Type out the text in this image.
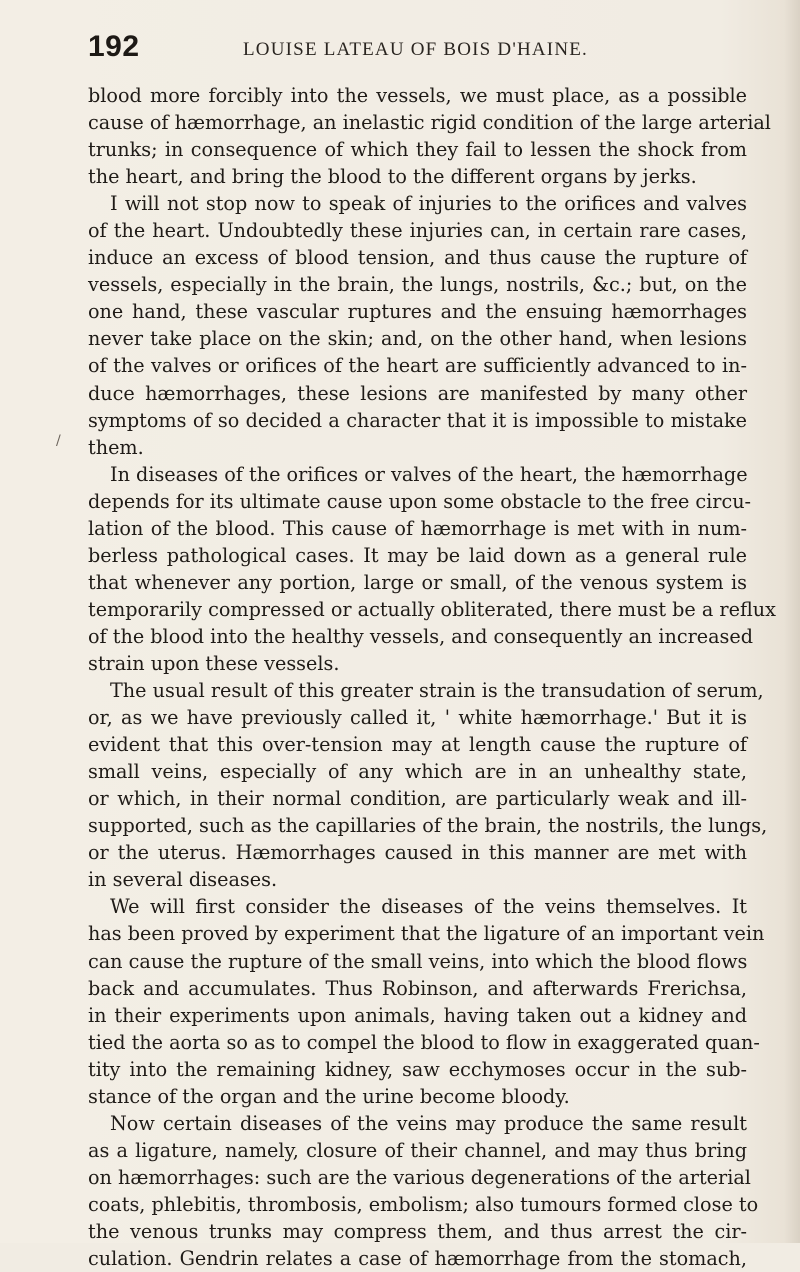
192	LOUISE LATEAU OF BOIS D'HAINE.
blood more forcibly into the vessels, we must place, as a possible
cause of hæmorrhage, an inelastic rigid condition of the large arterial
trunks; in consequence of which they fail to lessen the shock from
the heart, and bring the blood to the different organs by jerks.
I will not stop now to speak of injuries to the orifices and valves
of the heart. Undoubtedly these injuries can, in certain rare cases,
induce an excess of blood tension, and thus cause the rupture of
vessels, especially in the brain, the lungs, nostrils, &c.; but, on the
one hand, these vascular ruptures and the ensuing hæmorrhages
never take place on the skin; and, on the other hand, when lesions
of the valves or orifices of the heart are sufficiently advanced to in-
duce hæmorrhages, these lesions are manifested by many other
symptoms of so decided a character that it is impossible to mistake
them.
In diseases of the orifices or valves of the heart, the hæmorrhage
depends for its ultimate cause upon some obstacle to the free circu-
lation of the blood. This cause of hæmorrhage is met with in num-
berless pathological cases. It may be laid down as a general rule
that whenever any portion, large or small, of the venous system is
temporarily compressed or actually obliterated, there must be a reflux
of the blood into the healthy vessels, and consequently an increased
strain upon these vessels.
The usual result of this greater strain is the transudation of serum,
or, as we have previously called it, ' white hæmorrhage.' But it is
evident that this over-tension may at length cause the rupture of
small veins, especially of any which are in an unhealthy state,
or which, in their normal condition, are particularly weak and ill-
supported, such as the capillaries of the brain, the nostrils, the lungs,
or the uterus. Hæmorrhages caused in this manner are met with
in several diseases.
We will first consider the diseases of the veins themselves. It
has been proved by experiment that the ligature of an important vein
can cause the rupture of the small veins, into which the blood flows
back and accumulates. Thus Robinson, and afterwards Frerichsa,
in their experiments upon animals, having taken out a kidney and
tied the aorta so as to compel the blood to flow in exaggerated quan-
tity into the remaining kidney, saw ecchymoses occur in the sub-
stance of the organ and the urine become bloody.
Now certain diseases of the veins may produce the same result
as a ligature, namely, closure of their channel, and may thus bring
on hæmorrhages: such are the various degenerations of the arterial
coats, phlebitis, thrombosis, embolism; also tumours formed close to
the venous trunks may compress them, and thus arrest the cir-
culation. Gendrin relates a case of hæmorrhage from the stomach,
/
